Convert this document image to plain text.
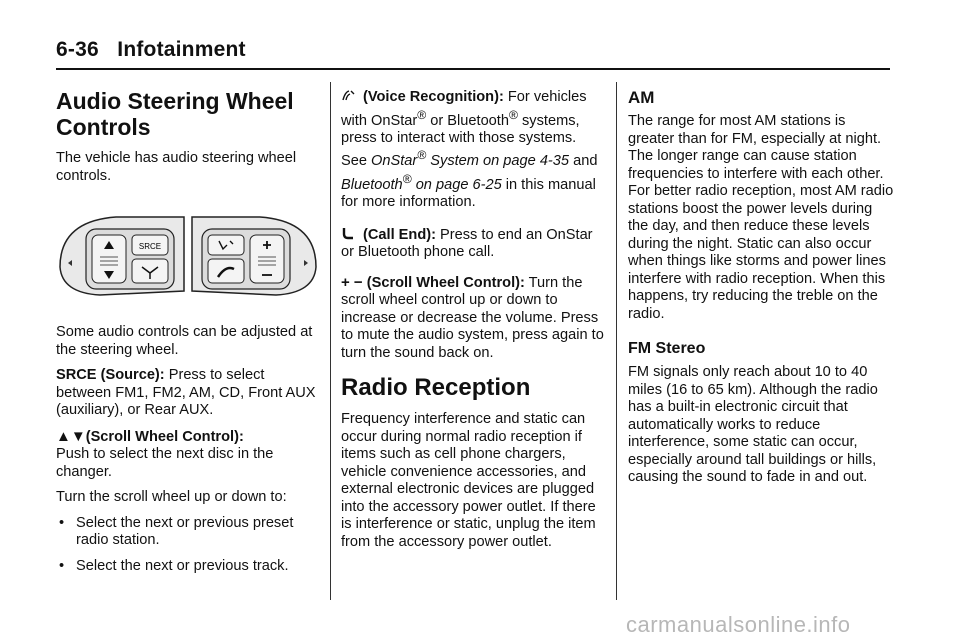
6-36 Infotainment
Audio Steering Wheel Controls

The vehicle has audio steering wheel controls.

SRCE

Some audio controls can be adjusted at the steering wheel.

SRCE (Source): Press to select between FM1, FM2, AM, CD, Front AUX (auxiliary), or Rear AUX.

▲▼(Scroll Wheel Control):
Push to select the next disc in the changer.

Turn the scroll wheel up or down to:

• Select the next or previous preset radio station.
• Select the next or previous track.

(Voice Recognition): For vehicles with OnStar® or Bluetooth® systems, press to interact with those systems. See OnStar® System on page 4-35 and Bluetooth® on page 6-25 in this manual for more information.

(Call End): Press to end an OnStar or Bluetooth phone call.

+ − (Scroll Wheel Control): Turn the scroll wheel control up or down to increase or decrease the volume. Press to mute the audio system, press again to turn the sound back on.

Radio Reception

Frequency interference and static can occur during normal radio reception if items such as cell phone chargers, vehicle convenience accessories, and external electronic devices are plugged into the accessory power outlet. If there is interference or static, unplug the item from the accessory power outlet.

AM

The range for most AM stations is greater than for FM, especially at night. The longer range can cause station frequencies to interfere with each other. For better radio reception, most AM radio stations boost the power levels during the day, and then reduce these levels during the night. Static can also occur when things like storms and power lines interfere with radio reception. When this happens, try reducing the treble on the radio.

FM Stereo

FM signals only reach about 10 to 40 miles (16 to 65 km). Although the radio has a built-in electronic circuit that automatically works to reduce interference, some static can occur, especially around tall buildings or hills, causing the sound to fade in and out.

carmanualsonline.info
